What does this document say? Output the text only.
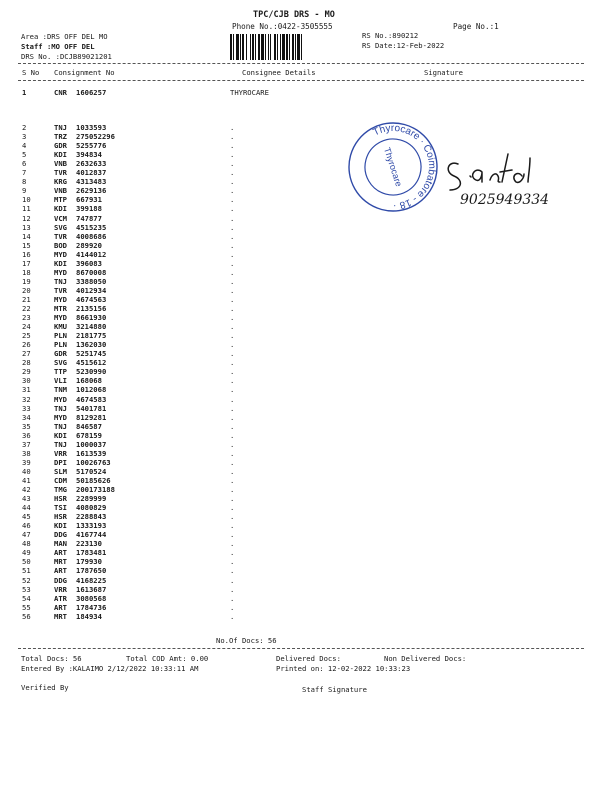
TPC/CJB DRS - MO
Phone No.:0422-3505555	Page No.:1
Area :DRS OFF DEL MO
Staff :MO OFF DEL
DRS No. :DCJB89021201
RS No.:890212
RS Date:12-Feb-2022
S No Consignment No	Consignee Details	Signature
1	CNR 1606257	THYROCARE
2	TNJ 1033593	.
3	TRZ 275052296	.
4	GDR 5255776	.
5	KDI 394834	.
6	VNB 2632633	.
7	TVR 4012837	.
8	KRG 4313483	.
9	VNB 2629136	.
10	MTP 667931	.
11	KDI 399188	.
12	VCM 747877	.
13	SVG 4515235	.
14	TVR 4008686	.
15	BOD 289920	.
16	MYD 4144012	.
17	KDI 396083	.
18	MYD 8670008	.
19	TNJ 3388050	.
20	TVR 4012934	.
21	MYD 4674563	.
22	MTR 2135156	.
23	MYD 8661930	.
24	KMU 3214880	.
25	PLN 2181775	.
26	PLN 1362030	.
27	GDR 5251745	.
28	SVG 4515612	.
29	TTP 5230990	.
30	VLI 168068	.
31	TNM 1012068	.
32	MYD 4674583	.
33	TNJ 5401781	.
34	MYD 8129281	.
35	TNJ 846587	.
36	KDI 678159	.
37	TNJ 1000037	.
38	VRR 1613539	.
39	DPI 10026763	.
40	SLM 5170524	.
41	CDM 50185626	.
42	TMG 200173188	.
43	HSR 2289999	.
44	TSI 4080829	.
45	HSR 2288843	.
46	KDI 1333193	.
47	DDG 4167744	.
48	MAN 223130	.
49	ART 1783481	.
50	MRT 179930	.
51	ART 1787650	.
52	DDG 4168225	.
53	VRR 1613687	.
54	ATR 3080568	.
55	ART 1784736	.
56	MRT 184934	.
Thyrocare · Coimbatore - 18 ·
Thyrocare
9025949334
No.Of Docs: 56
Total Docs: 56	Total COD Amt: 0.00	Delivered Docs:	Non Delivered Docs:
Entered By :KALAIMO 2/12/2022 10:33:11 AM	Printed on: 12-02-2022 10:33:23
Verified By	Staff Signature
